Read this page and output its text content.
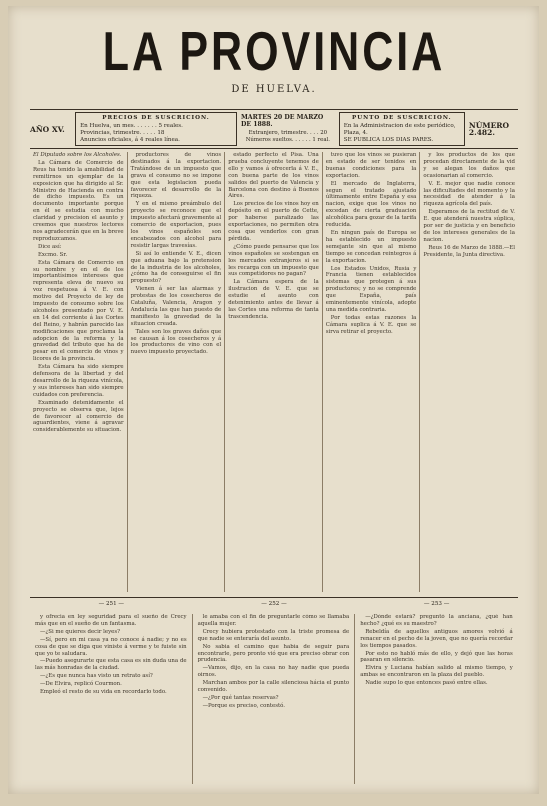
LA PROVINCIA
DE HUELVA.
AÑO XV.
PRECIOS DE SUSCRICION.
En Huelva, un mes. . . . . . . 5 reales.
Provincias, trimestre. . . . . 18
Anuncios oficiales, á 4 reales línea.
MARTES 20 DE MARZO DE 1888.
Extranjero, trimestre. . . . 20
Números sueltos. . . . . . 1 real.
PUNTO DE SUSCRICION.
En la Administracion de este periódico,
Plaza, 4.
SE PUBLICA LOS DIAS PARES.
NÚMERO 2.482.

El Diputado sobre los Alcoholes.

La Cámara de Comercio de Reus ha tenido la amabilidad de remitirnos un ejemplar de la exposicion que ha dirigido al Sr. Ministro de Hacienda en contra de dicho impuesto. Es un documento importante porque en él se estudia con mucho claridad y precision el asunto y creemos que nuestros lectores nos agradecerán que en la breve reproduzcamos.

Dice así:

Excmo. Sr.

Esta Cámara de Comercio en su nombre y en el de los importantísimos intereses que representa eleva de nuevo su voz respetuosa á V. E. con motivo del Proyecto de ley de impuesto de consumo sobre los alcoholes presentado por V. E. en 14 del corriente á las Cortes del Reino, y habrán parecido las modificaciones que proclama la adopcion de la reforma y la gravedad del tributo que ha de pesar en el comercio de vinos y licores de la provincia.

Esta Cámara ha sido siempre defensora de la libertad y del desarrollo de la riqueza vinícola, y sus intereses han sido siempre cuidados con preferencia.

Examinado detenidamente el proyecto se observa que, lejos de favorecer al comercio de aguardientes, viene á agravar considerablemente su situacion.

productores de vinos destinados á la exportacion. Tratándose de un impuesto que grava el consumo no se impone que esta legislacion pueda favorecer el desarrollo de la riqueza.

Y en el mismo preámbulo del proyecto se reconoce que el impuesto afectará gravemente al comercio de exportacion, pues los vinos españoles son encabezados con alcohol para resistir largas travesías.

Si así lo entiende V. E., dicen que aduana bajo la pretension de la industria de los alcoholes, ¿cómo ha de conseguirse el fin propuesto?

Vienen á ser las alarmas y protestas de los cosecheros de Cataluña, Valencia, Aragon y Andalucía las que han puesto de manifiesto la gravedad de la situacion creada.

Tales son los graves daños que se causan á los cosecheros y á los productores de vino con el nuevo impuesto proyectado.

estado perfecto el Pisa. Una prueba concluyente tenemos de ello y vamos á ofrecerla á V. E., con buena parte de los vinos salidos del puerto de Valencia y Barcelona con destino á Buenos Aires.

Los precios de los vinos hoy en depósito en el puerto de Cette, por haberse paralizado las exportaciones, no permiten otra cosa que venderlos con gran pérdida.

¿Cómo puede pensarse que los vinos españoles se sostengan en los mercados extranjeros si se les recarga con un impuesto que sus competidores no pagan?

La Cámara espera de la ilustracion de V. E. que se estudie el asunto con detenimiento antes de llevar á las Cortes una reforma de tanta trascendencia.

tuvo que los vinos se pusieran en estado de ser tenidos en buenas condiciones para la exportacion.

El mercado de Inglaterra, segun el tratado ajustado últimamente entre España y esa nacion, exige que los vinos no excedan de cierta graduacion alcohólica para gozar de la tarifa reducida.

En ningun país de Europa se ha establecido un impuesto semejante sin que al mismo tiempo se concedan reintegros á la exportacion.

Los Estados Unidos, Rusia y Francia tienen establecidos sistemas que protegen á sus productores; y no se comprende que España, país eminentemente vinícola, adopte una medida contraria.

Por todas estas razones la Cámara suplica á V. E. que se sirva retirar el proyecto.

y los productos de los que procedan directamente de la vid y se alegan los daños que ocasionarian al comercio.

V. E. mejor que nadie conoce las dificultades del momento y la necesidad de atender á la riqueza agrícola del país.

Esperamos de la rectitud de V. E. que atenderá nuestra súplica, por ser de justicia y en beneficio de los intereses generales de la nacion.

Reus 16 de Marzo de 1888.—El Presidente, la Junta directiva.

— 251 —	— 252 —	— 253 —

y ofrecia en ley seguridad para el sueño de Crecy más que en el sueño de un fantasma.

—¿Si me quieres decir leyes?

—Sí, pero en mi casa ya no conoce á nadie; y no es cosa de que se diga que viniste á verme y te fuiste sin que yo te saludara.

—Puedo asegurarte que esta casa es sin duda una de las más honradas de la ciudad.

—¿Es que nunca has visto un retrato así?

—De Elvira, replicó Courmon.

Empleó el resto de su vida en recordarlo todo.

le amaba con el fin de preguntarle cómo se llamaba aquella mujer.

Crecy hubiera protestado con la triste promesa de que nadie se enteraría del asunto.

No sabia el camino que habia de seguir para encontrarle, pero pronto vió que era preciso obrar con prudencia.

—Vamos, dijo, en la casa no hay nadie que pueda oirnos.

Marchan ambos por la calle silenciosa hácia el punto convenido.

—¿Por qué tantas reservas?

—Porque es preciso, contestó.

—¿Dónde estará? preguntó la anciana, ¿qué han hecho? ¿qué es su maestro?

Rebeldía de aquellos antiguos amores volvió á renacer en el pecho de la joven, que no quería recordar los tiempos pasados.

Por esto no habló más de ello, y dejó que las horas pasaran en silencio.

Elvira y Luciana habían salido al mismo tiempo, y ambas se encontraron en la plaza del pueblo.

Nadie supo lo que entonces pasó entre ellas.
